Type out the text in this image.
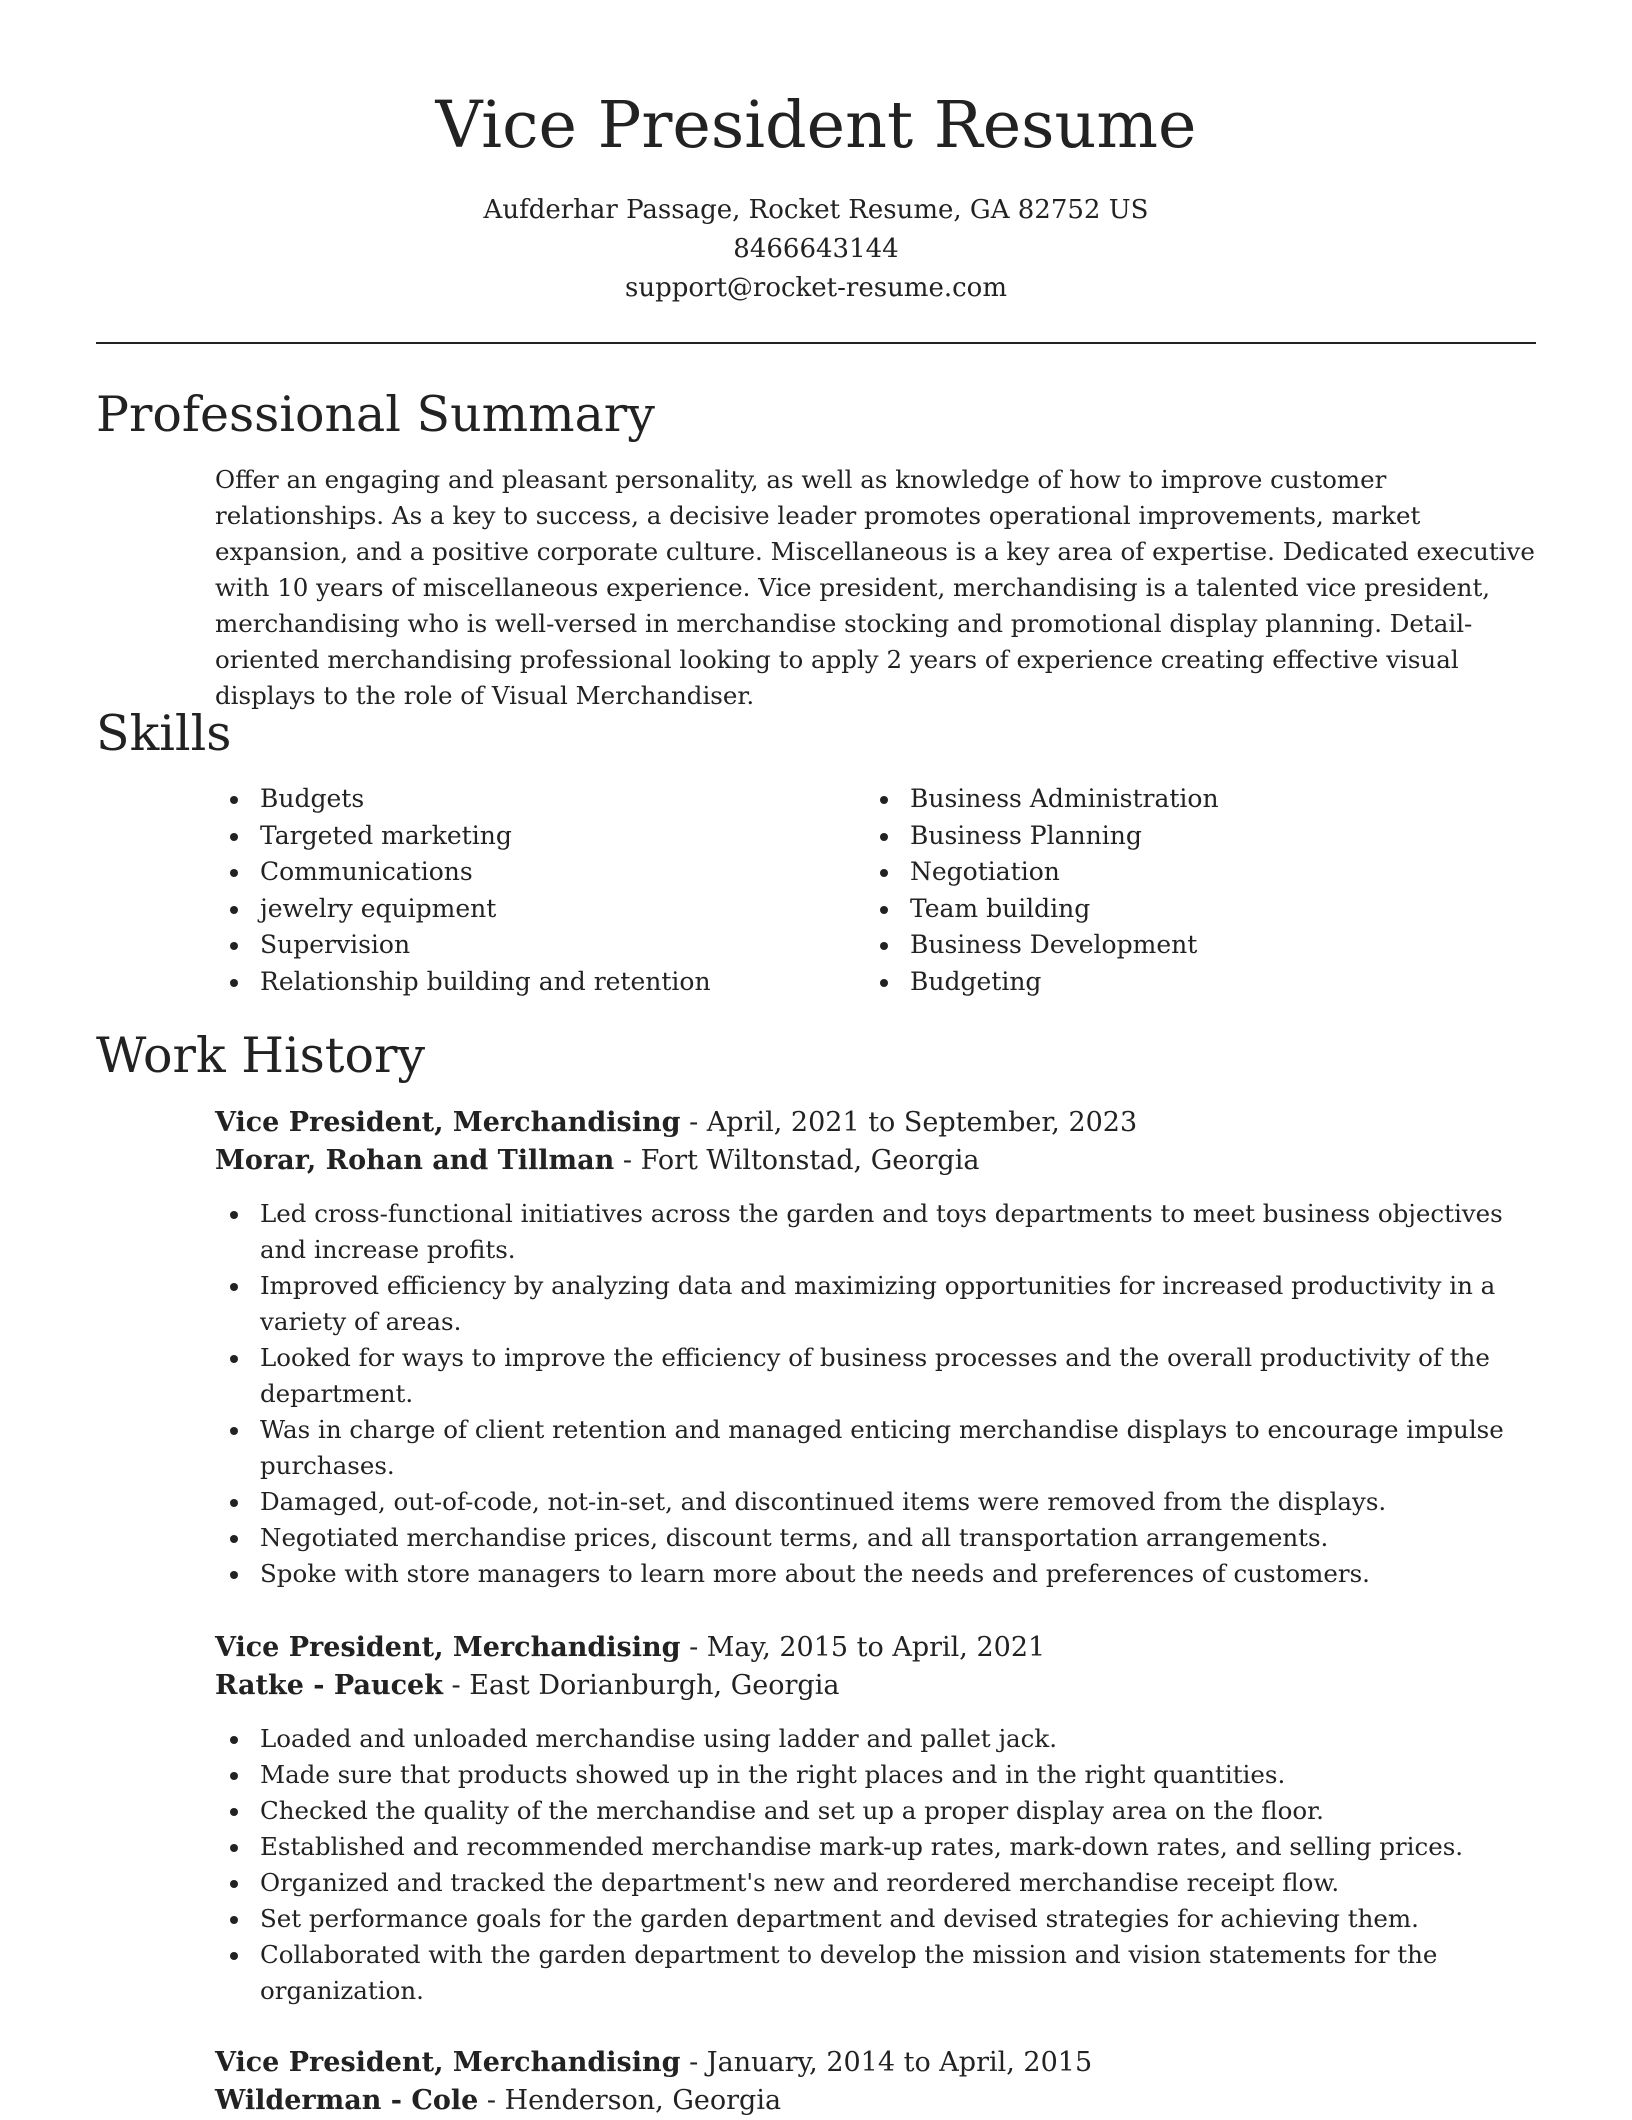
Vice President Resume
Aufderhar Passage, Rocket Resume, GA 82752 US
8466643144
support@rocket-resume.com
Professional Summary

Offer an engaging and pleasant personality, as well as knowledge of how to improve customer relationships. As a key to success, a decisive leader promotes operational improvements, market expansion, and a positive corporate culture. Miscellaneous is a key area of expertise. Dedicated executive with 10 years of miscellaneous experience. Vice president, merchandising is a talented vice president, merchandising who is well-versed in merchandise stocking and promotional display planning. Detail-oriented merchandising professional looking to apply 2 years of experience creating effective visual displays to the role of Visual Merchandiser.

Skills
Budgets
Targeted marketing
Communications
jewelry equipment
Supervision
Relationship building and retention
Business Administration
Business Planning
Negotiation
Team building
Business Development
Budgeting
Work History
Vice President, Merchandising - April, 2021 to September, 2023
Morar, Rohan and Tillman - Fort Wiltonstad, Georgia
Led cross-functional initiatives across the garden and toys departments to meet business objectives and increase profits.
Improved efficiency by analyzing data and maximizing opportunities for increased productivity in a variety of areas.
Looked for ways to improve the efficiency of business processes and the overall productivity of the department.
Was in charge of client retention and managed enticing merchandise displays to encourage impulse purchases.
Damaged, out-of-code, not-in-set, and discontinued items were removed from the displays.
Negotiated merchandise prices, discount terms, and all transportation arrangements.
Spoke with store managers to learn more about the needs and preferences of customers.
Vice President, Merchandising - May, 2015 to April, 2021
Ratke - Paucek - East Dorianburgh, Georgia
Loaded and unloaded merchandise using ladder and pallet jack.
Made sure that products showed up in the right places and in the right quantities.
Checked the quality of the merchandise and set up a proper display area on the floor.
Established and recommended merchandise mark-up rates, mark-down rates, and selling prices.
Organized and tracked the department's new and reordered merchandise receipt flow.
Set performance goals for the garden department and devised strategies for achieving them.
Collaborated with the garden department to develop the mission and vision statements for the organization.
Vice President, Merchandising - January, 2014 to April, 2015
Wilderman - Cole - Henderson, Georgia
